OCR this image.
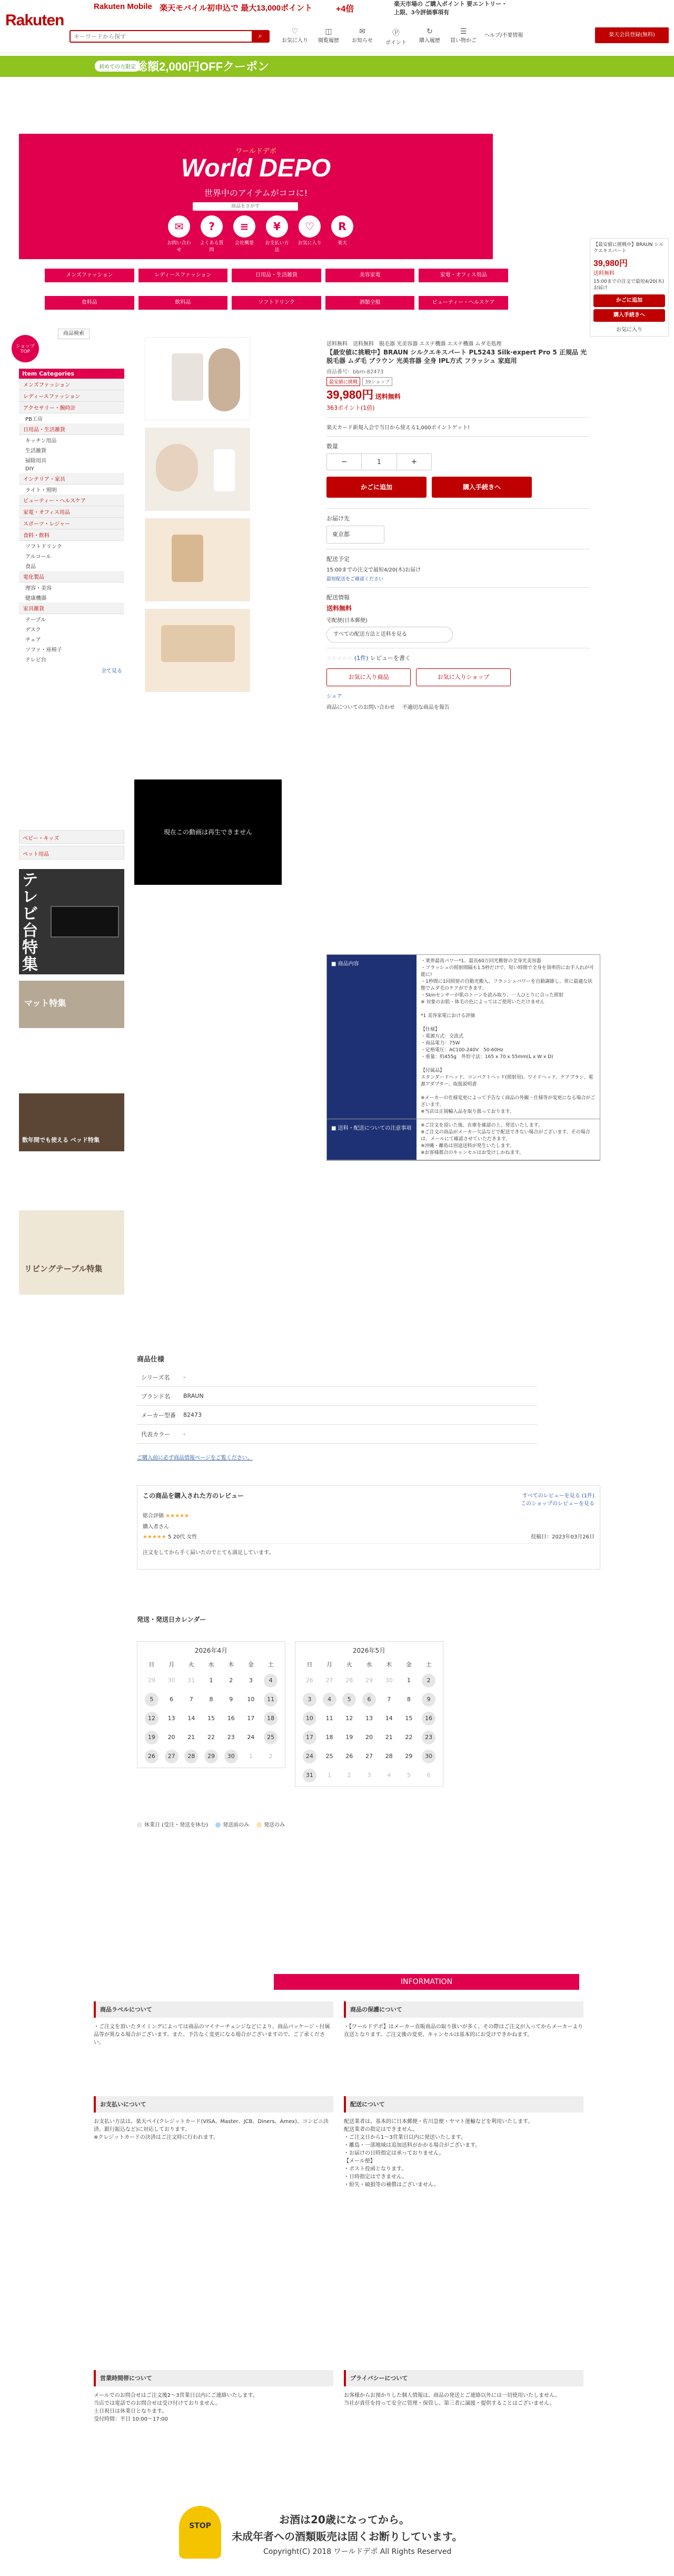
Rakuten
Rakuten Mobile 楽天モバイル初申込で 最大13,000ポイント	+4倍
楽天市場の ご購入ポイント 要エントリー・上限、3今評価事項有
キーワードから探す
⌕
♡
お気に入り
◫
閲覧履歴
✉
お知らせ
Ⓟ
ポイント
↻
購入履歴
☰
買い物かご
ヘルプ/不要情報	楽天会員登録(無料)
初めての方限定 総額2,000円OFFクーポン
ワールドデポ
World DEPO
世界中のアイテムがココに!
商品をさがす
✉
お問い合わせ
?
よくある質問
≡
会社概要
¥
お支払い方法
♡
お気に入り
R
楽天
メンズファッション	レディースファッション	日用品・生活雑貨	美容家電	家電・オフィス用品
食料品	飲料品	ソフトドリンク	酒類全般	ビューティー・ヘルスケア
ショップ
TOP
商品検索
Item Categories
メンズファッション
レディースファッション
アクセサリー・腕時計
PB工房
日用品・生活雑貨
キッチン用品
生活雑貨
掃除用具
DIY
インテリア・家具
ライト・照明
ビューティー・ヘルスケア
家電・オフィス用品
スポーツ・レジャー
食料・飲料
ソフトドリンク
アルコール
食品
電化製品
理容・美容
健康機器
家具雑貨
テーブル
デスク
チェア
ソファ・座椅子
テレビ台
全て見る
ベビー・キッズ
ペット用品
テレビ台特集
マット特集
数年間でも使える ベッド特集
リビングテーブル特集
現在この動画は再生できません
送料無料　送料無料　脱毛器 光美容器 エステ機器 エステ機器 ムダ毛処理
【最安値に挑戦中】BRAUN シルクエキスパート PL5243 Silk·expert Pro 5 正規品 光脱毛器 ムダ毛 ブラウン 光美容器 全身 IPL方式 フラッシュ 家庭用
商品番号：bbrn-82473
最安値に挑戦	39ショップ
39,980円 送料無料
363ポイント(1倍)
楽天カード新規入会で当日から使える1,000ポイントゲット!
数量
−	1	+
かごに追加	購入手続きへ
お届け先
東京都
配送予定
15:00までの注文で最短4/20(木)お届け
最短配送をご確認ください
配送情報
送料無料
宅配便(日本郵便)
すべての配送方法と送料を見る
☆☆☆☆☆ (1件) レビューを書く
お気に入り商品	お気に入りショップ
シェア
商品についてのお問い合わせ 不適切な商品を報告
■ 商品内容	・業界最高パワー*1、最長60万回光搬射の全身光美容器
・フラッシュの照射間隔も1.5秒だけで、短い時間で全身を効率的にお手入れが可能に!
・1秒間に1回照射の自動光搬入、フラッシュパワーを自動調節し、常に最適な状態でムダ毛のケアができます。
・Skinセンサーが肌のトーンを読み取り、一人ひとりに合った照射
※ 対象のお肌・体毛の色によってはご使用いただけません

*1 美容家電における評価

【仕様】
・電源方式：交流式
・商品電力：75W
・定格電圧：AC100-240V　50-60Hz
・重量：約455g　外形寸法：165 x 70 x 55mm(L x W x D)

【付属品】
スタンダードヘッド、コンパクトヘッド(照射用)、ワイドヘッド、ケアブラシ、電源アダプター、取扱説明書

※メーカーの仕様変更によって予告なく商品の外観・仕様等が変更になる場合がございます。
※当店は正規輸入品を取り扱っております。
■ 送料・配送についての注意事項	※ご注文を頂いた後、在庫を確認の上、発送いたします。
※ご注文の商品がメーカー欠品などで配送できない場合がございます。その場合は、メールにて確認させていただきます。
※沖縄・離島は別途送料が発生いたします。
※お客様都合のキャンセルはお受けしかねます。
【最安値に挑戦中】BRAUN シルクエキスパート
39,980円
送料無料
15:00までの注文で最短4/20(木)お届け
かごに追加
購入手続きへ
お気に入り
商品仕様
シリーズ名	-
ブランド名	BRAUN
メーカー型番	82473
代表カラー	-
ご購入前に必ず商品情報ページをご覧ください。
この商品を購入された方のレビュー	すべてのレビューを見る (1件)
このショップのレビューを見る
総合評価 ★★★★★
購入者さん
★★★★★ 5 20代 女性	投稿日：2023年03月26日
注文をしてから手く届いたのでとても満足しています。
発送・発送日カレンダー
2026年4月
日	月	火	水	木	金	土
29	30	31	1	2	3	4
5	6	7	8	9	10	11
12	13	14	15	16	17	18
19	20	21	22	23	24	25
26	27	28	29	30	1	2
2026年5月
日	月	火	水	木	金	土
26	27	28	29	30	1	2
3	4	5	6	7	8	9
10	11	12	13	14	15	16
17	18	19	20	21	22	23
24	25	26	27	28	29	30
31	1	2	3	4	5	6
休業日 (受注・発送を休む)	発送前のみ	発送のみ
INFORMATION
商品ラベルについて
・ご注文を頂いたタイミングによっては商品のマイナーチェンジなどにより、商品パッケージ・付属品等が異なる場合がございます。また、予告なく変更になる場合がございますので、ご了承ください。
商品の保護について
・【ワールドデポ】はメーカー直販商品の取り扱いが多く、その際はご注文が入ってからメーカーより直送となります。ご注文後の変更、キャンセルは基本的にお受けできかねます。
お支払いについて
お支払い方法は、楽天ペイ(クレジットカード(VISA、Master、JCB、Diners、Amex)、コンビニ決済、銀行振込など)に対応しております。
※クレジットカードの決済はご注文時に行われます。
配送について
配送業者は、基本的に日本郵便・佐川急便・ヤマト運輸などを利用いたします。
配送業者の指定はできません。
・ご注文日から1〜3営業日以内に発送いたします。
・離島・一部地域は追加送料がかかる場合がございます。
・お届けの日時指定は承っておりません。
【メール便】
・ポスト投函となります。
・日時指定はできません。
・紛失・破損等の補償はございません。
営業時間帯について
メールでのお問合せはご注文後2〜3営業日以内にご連絡いたします。
当店では電話でのお問合せは受け付けておりません。
土日祝日は休業日となります。
受付時間：平日 10:00〜17:00
プライバシーについて
お客様からお預かりした個人情報は、商品の発送とご連絡以外には一切使用いたしません。
当社が責任を持って安全に管理・保管し、第三者に譲渡・提供することはございません。
STOP	お酒は20歳になってから。
未成年者への酒類販売は固くお断りしています。
Copyright(C) 2018 ワールドデポ All Rights Reserved
